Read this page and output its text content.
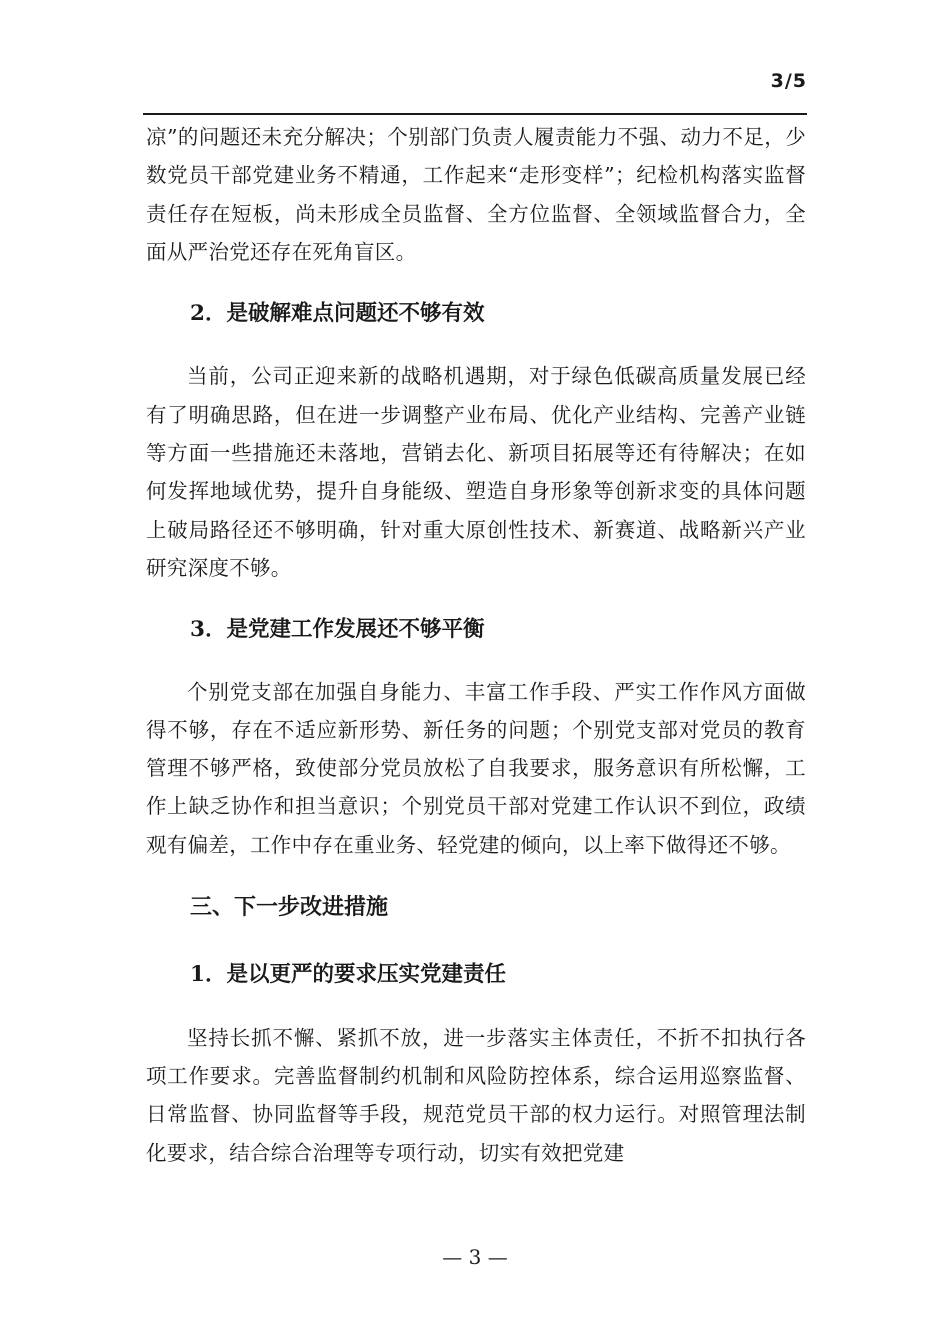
3/5

凉”的问题还未充分解决；个别部门负责人履责能力不强、动力不足，少数党员干部党建业务不精通，工作起来“走形变样”；纪检机构落实监督责任存在短板，尚未形成全员监督、全方位监督、全领域监督合力，全面从严治党还存在死角盲区。

2．是破解难点问题还不够有效

当前，公司正迎来新的战略机遇期，对于绿色低碳高质量发展已经有了明确思路，但在进一步调整产业布局、优化产业结构、完善产业链等方面一些措施还未落地，营销去化、新项目拓展等还有待解决；在如何发挥地域优势，提升自身能级、塑造自身形象等创新求变的具体问题上破局路径还不够明确，针对重大原创性技术、新赛道、战略新兴产业研究深度不够。

3．是党建工作发展还不够平衡

个别党支部在加强自身能力、丰富工作手段、严实工作作风方面做得不够，存在不适应新形势、新任务的问题；个别党支部对党员的教育管理不够严格，致使部分党员放松了自我要求，服务意识有所松懈，工作上缺乏协作和担当意识；个别党员干部对党建工作认识不到位，政绩观有偏差，工作中存在重业务、轻党建的倾向，以上率下做得还不够。

三、下一步改进措施
1．是以更严的要求压实党建责任

坚持长抓不懈、紧抓不放，进一步落实主体责任，不折不扣执行各项工作要求。完善监督制约机制和风险防控体系，综合运用巡察监督、日常监督、协同监督等手段，规范党员干部的权力运行。对照管理法制化要求，结合综合治理等专项行动，切实有效把党建

— 3 —
